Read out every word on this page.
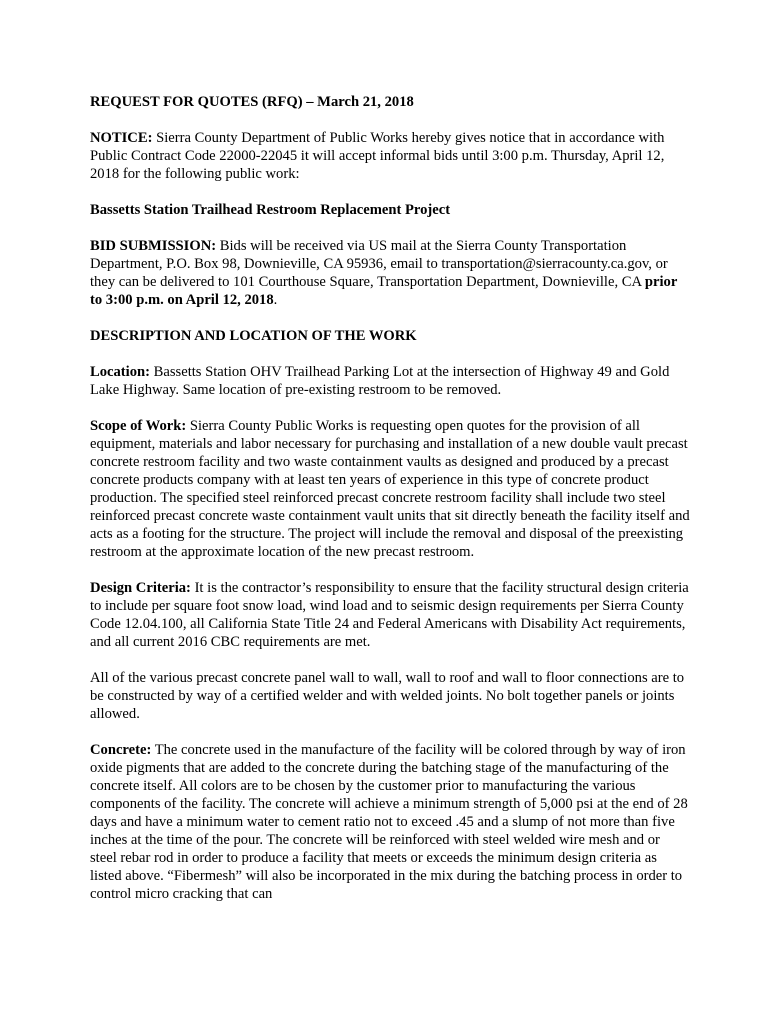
REQUEST FOR QUOTES (RFQ) – March 21, 2018

NOTICE: Sierra County Department of Public Works hereby gives notice that in accordance with Public Contract Code 22000-22045 it will accept informal bids until 3:00 p.m. Thursday, April 12, 2018 for the following public work:

Bassetts Station Trailhead Restroom Replacement Project

BID SUBMISSION: Bids will be received via US mail at the Sierra County Transportation Department, P.O. Box 98, Downieville, CA 95936, email to transportation@sierracounty.ca.gov, or they can be delivered to 101 Courthouse Square, Transportation Department, Downieville, CA prior to 3:00 p.m. on April 12, 2018.

DESCRIPTION AND LOCATION OF THE WORK

Location: Bassetts Station OHV Trailhead Parking Lot at the intersection of Highway 49 and Gold Lake Highway. Same location of pre-existing restroom to be removed.

Scope of Work: Sierra County Public Works is requesting open quotes for the provision of all equipment, materials and labor necessary for purchasing and installation of a new double vault precast concrete restroom facility and two waste containment vaults as designed and produced by a precast concrete products company with at least ten years of experience in this type of concrete product production. The specified steel reinforced precast concrete restroom facility shall include two steel reinforced precast concrete waste containment vault units that sit directly beneath the facility itself and acts as a footing for the structure. The project will include the removal and disposal of the preexisting restroom at the approximate location of the new precast restroom.

Design Criteria: It is the contractor’s responsibility to ensure that the facility structural design criteria to include per square foot snow load, wind load and to seismic design requirements per Sierra County Code 12.04.100, all California State Title 24 and Federal Americans with Disability Act requirements, and all current 2016 CBC requirements are met.

All of the various precast concrete panel wall to wall, wall to roof and wall to floor connections are to be constructed by way of a certified welder and with welded joints. No bolt together panels or joints allowed.

Concrete: The concrete used in the manufacture of the facility will be colored through by way of iron oxide pigments that are added to the concrete during the batching stage of the manufacturing of the concrete itself. All colors are to be chosen by the customer prior to manufacturing the various components of the facility. The concrete will achieve a minimum strength of 5,000 psi at the end of 28 days and have a minimum water to cement ratio not to exceed .45 and a slump of not more than five inches at the time of the pour. The concrete will be reinforced with steel welded wire mesh and or steel rebar rod in order to produce a facility that meets or exceeds the minimum design criteria as listed above. “Fibermesh” will also be incorporated in the mix during the batching process in order to control micro cracking that can
